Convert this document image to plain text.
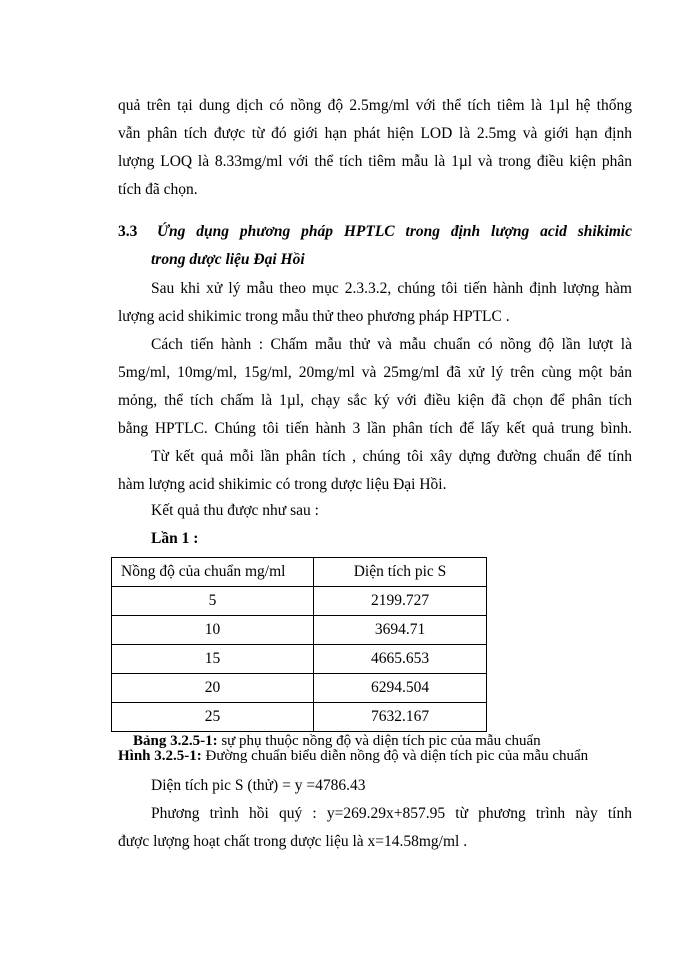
quả trên tại dung dịch có nồng độ 2.5mg/ml với thể tích tiêm là 1µl hệ thống
vẫn phân tích được từ đó giới hạn phát hiện LOD là 2.5mg và giới hạn định
lượng LOQ là 8.33mg/ml với thể tích tiêm mẫu là 1µl và trong điều kiện phân
tích đã chọn.
3.3 Ứng dụng phương pháp HPTLC trong định lượng acid shikimic
trong dược liệu Đại Hồi
Sau khi xử lý mẫu theo mục 2.3.3.2, chúng tôi tiến hành định lượng hàm
lượng acid shikimic trong mẫu thử theo phương pháp HPTLC .
Cách tiến hành : Chấm mẫu thử và mẫu chuẩn có nồng độ lần lượt là
5mg/ml, 10mg/ml, 15g/ml, 20mg/ml và 25mg/ml đã xử lý trên cùng một bản
mỏng, thể tích chấm là 1µl, chạy sắc ký với điều kiện đã chọn để phân tích
bằng HPTLC. Chúng tôi tiến hành 3 lần phân tích để lấy kết quả trung bình.
Từ kết quả mỗi lần phân tích , chúng tôi xây dựng đường chuẩn để tính
hàm lượng acid shikimic có trong dược liệu Đại Hồi.
Kết quả thu được như sau :
Lần 1 :
Nồng độ của chuẩn mg/ml	Diện tích pic S
5	2199.727
10	3694.71
15	4665.653
20	6294.504
25	7632.167
Bảng 3.2.5-1: sự phụ thuộc nồng độ và diện tích pic của mẫu chuẩn
Hình 3.2.5-1: Đường chuẩn biểu diễn nồng độ và diện tích pic của mẫu chuẩn
Diện tích pic S (thử) = y =4786.43
Phương trình hồi quý : y=269.29x+857.95 từ phương trình này tính
được lượng hoạt chất trong dược liệu là x=14.58mg/ml .
